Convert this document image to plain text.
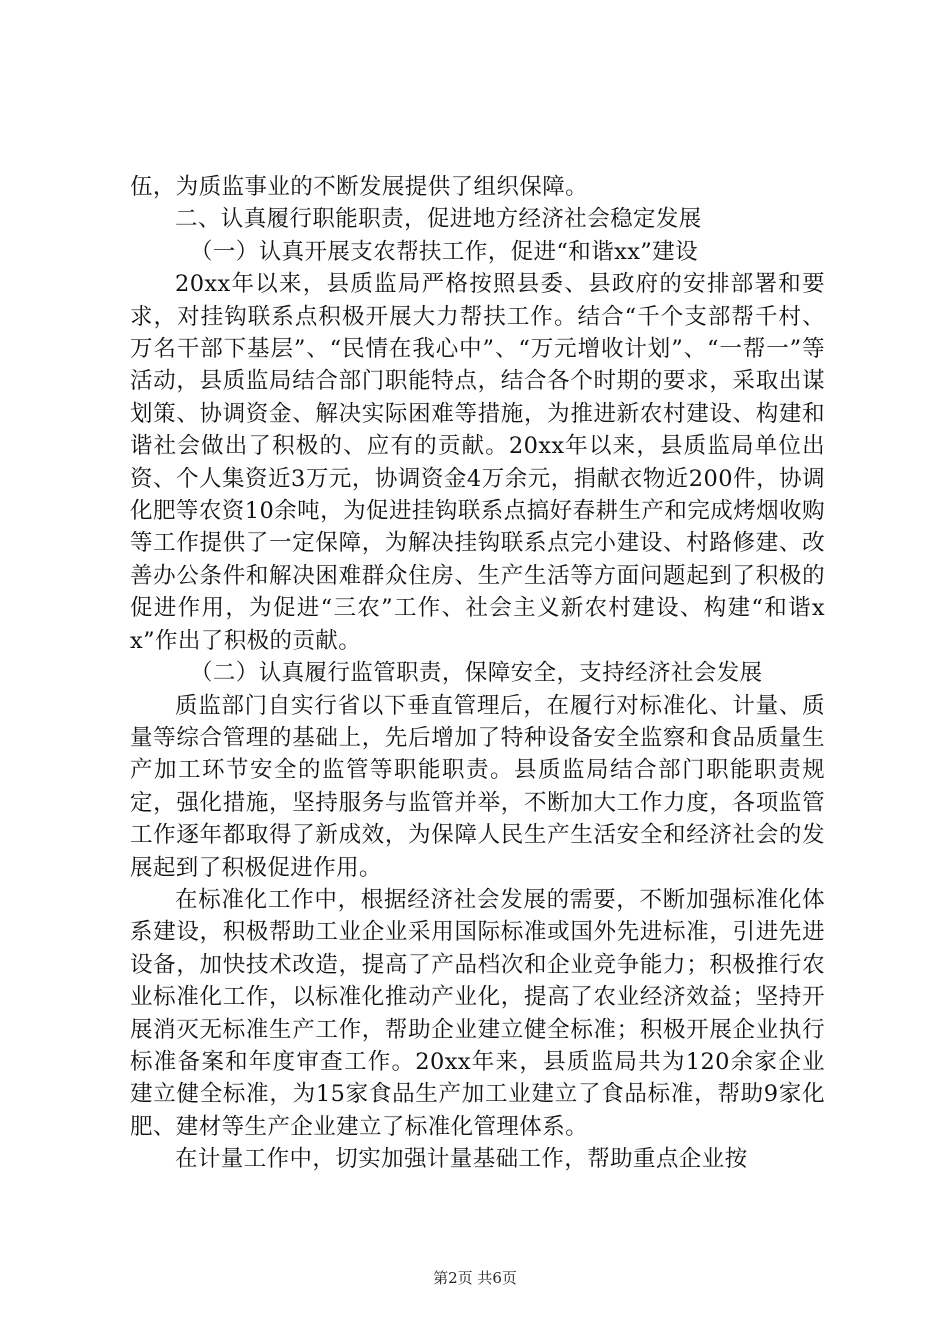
伍，为质监事业的不断发展提供了组织保障。

二、认真履行职能职责，促进地方经济社会稳定发展

（一）认真开展支农帮扶工作，促进“和谐xx”建设

20xx年以来，县质监局严格按照县委、县政府的安排部署和要求，对挂钩联系点积极开展大力帮扶工作。结合“千个支部帮千村、万名干部下基层”、“民情在我心中”、“万元增收计划”、“一帮一”等活动，县质监局结合部门职能特点，结合各个时期的要求，采取出谋划策、协调资金、解决实际困难等措施，为推进新农村建设、构建和谐社会做出了积极的、应有的贡献。20xx年以来，县质监局单位出资、个人集资近3万元，协调资金4万余元，捐献衣物近200件，协调化肥等农资10余吨，为促进挂钩联系点搞好春耕生产和完成烤烟收购等工作提供了一定保障，为解决挂钩联系点完小建设、村路修建、改善办公条件和解决困难群众住房、生产生活等方面问题起到了积极的促进作用，为促进“三农”工作、社会主义新农村建设、构建“和谐xx”作出了积极的贡献。

（二）认真履行监管职责，保障安全，支持经济社会发展

质监部门自实行省以下垂直管理后，在履行对标准化、计量、质量等综合管理的基础上，先后增加了特种设备安全监察和食品质量生产加工环节安全的监管等职能职责。县质监局结合部门职能职责规定，强化措施，坚持服务与监管并举，不断加大工作力度，各项监管工作逐年都取得了新成效，为保障人民生产生活安全和经济社会的发展起到了积极促进作用。

在标准化工作中，根据经济社会发展的需要，不断加强标准化体系建设，积极帮助工业企业采用国际标准或国外先进标准，引进先进设备，加快技术改造，提高了产品档次和企业竞争能力；积极推行农业标准化工作，以标准化推动产业化，提高了农业经济效益；坚持开展消灭无标准生产工作，帮助企业建立健全标准；积极开展企业执行标准备案和年度审查工作。20xx年来，县质监局共为120余家企业建立健全标准，为15家食品生产加工业建立了食品标准，帮助9家化肥、建材等生产企业建立了标准化管理体系。

在计量工作中，切实加强计量基础工作，帮助重点企业按

第2页 共6页
